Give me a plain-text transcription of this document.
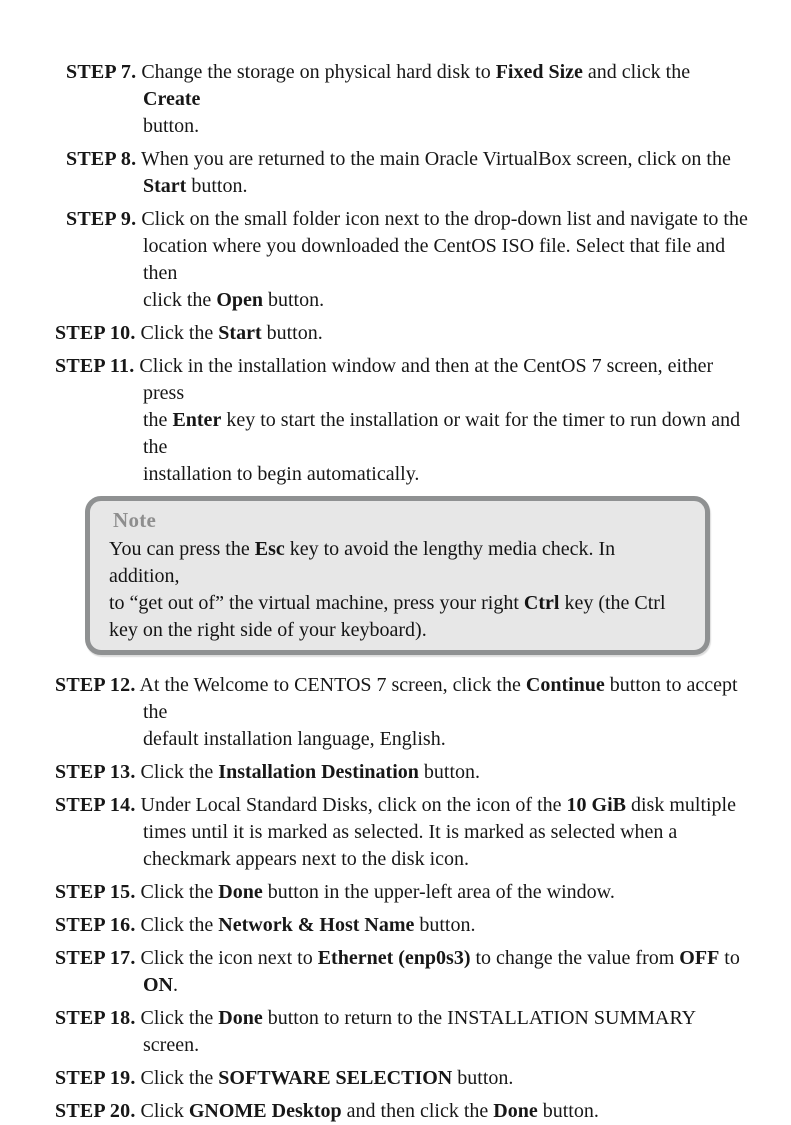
STEP 7. Change the storage on physical hard disk to Fixed Size and click the Create
button.

STEP 8. When you are returned to the main Oracle VirtualBox screen, click on the
Start button.

STEP 9. Click on the small folder icon next to the drop-down list and navigate to the
location where you downloaded the CentOS ISO file. Select that file and then
click the Open button.

STEP 10. Click the Start button.

STEP 11. Click in the installation window and then at the CentOS 7 screen, either press
the Enter key to start the installation or wait for the timer to run down and the
installation to begin automatically.

Note
You can press the Esc key to avoid the lengthy media check. In addition,
to “get out of” the virtual machine, press your right Ctrl key (the Ctrl
key on the right side of your keyboard).

STEP 12. At the Welcome to CENTOS 7 screen, click the Continue button to accept the
default installation language, English.

STEP 13. Click the Installation Destination button.

STEP 14. Under Local Standard Disks, click on the icon of the 10 GiB disk multiple
times until it is marked as selected. It is marked as selected when a
checkmark appears next to the disk icon.

STEP 15. Click the Done button in the upper-left area of the window.

STEP 16. Click the Network & Host Name button.

STEP 17. Click the icon next to Ethernet (enp0s3) to change the value from OFF to
ON.

STEP 18. Click the Done button to return to the INSTALLATION SUMMARY screen.

STEP 19. Click the SOFTWARE SELECTION button.

STEP 20. Click GNOME Desktop and then click the Done button.
